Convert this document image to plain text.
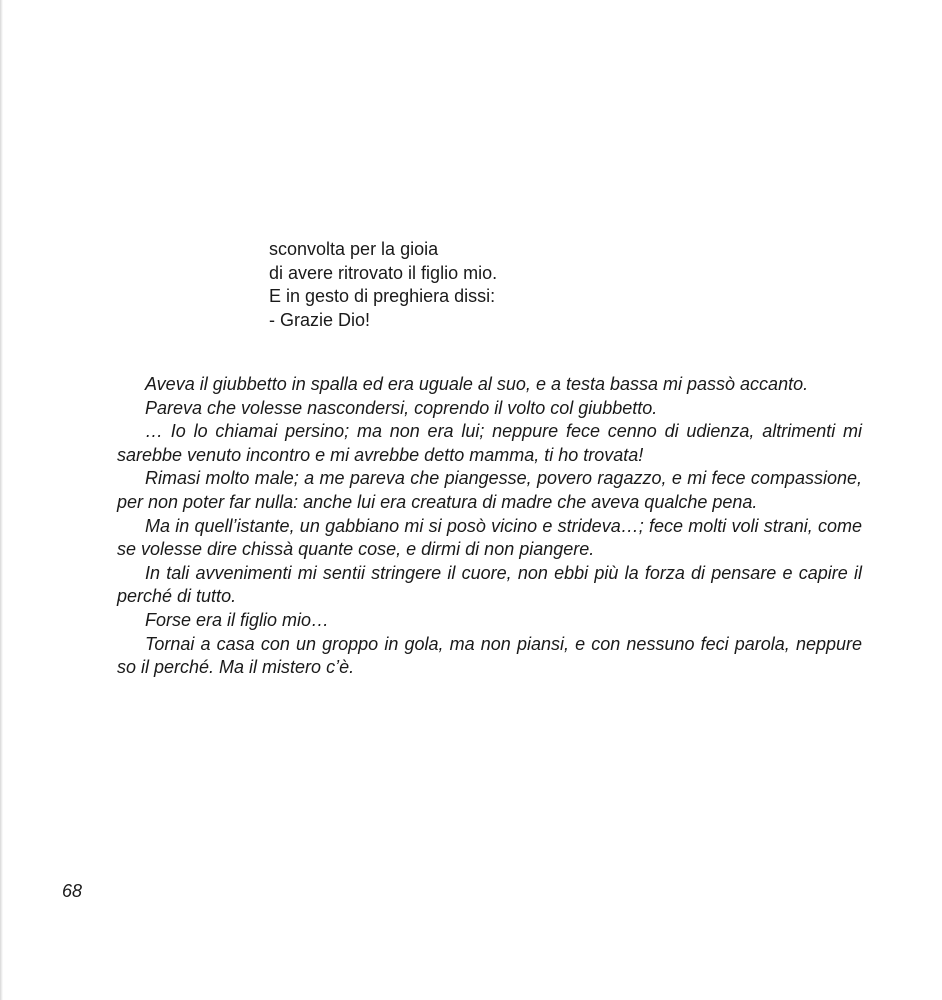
sconvolta per la gioia
di avere ritrovato il figlio mio.
E in gesto di preghiera dissi:
- Grazie Dio!
Aveva il giubbetto in spalla ed era uguale al suo, e a testa bassa mi passò accanto.
Pareva che volesse nascondersi, coprendo il volto col giubbetto.
… Io lo chiamai persino; ma non era lui; neppure fece cenno di udienza, altrimenti mi sarebbe venuto incontro e mi avrebbe detto mamma, ti ho trovata!
Rimasi molto male; a me pareva che piangesse, povero ragazzo, e mi fece compassione, per non poter far nulla: anche lui era creatura di madre che aveva qualche pena.
Ma in quell’istante, un gabbiano mi si posò vicino e strideva…; fece molti voli strani, come se volesse dire chissà quante cose, e dirmi di non piangere.
In tali avvenimenti mi sentii stringere il cuore, non ebbi più la forza di pensare e capire il perché di tutto.
Forse era il figlio mio…
Tornai a casa con un groppo in gola, ma non piansi, e con nessuno feci parola, neppure so il perché. Ma il mistero c’è.
68
